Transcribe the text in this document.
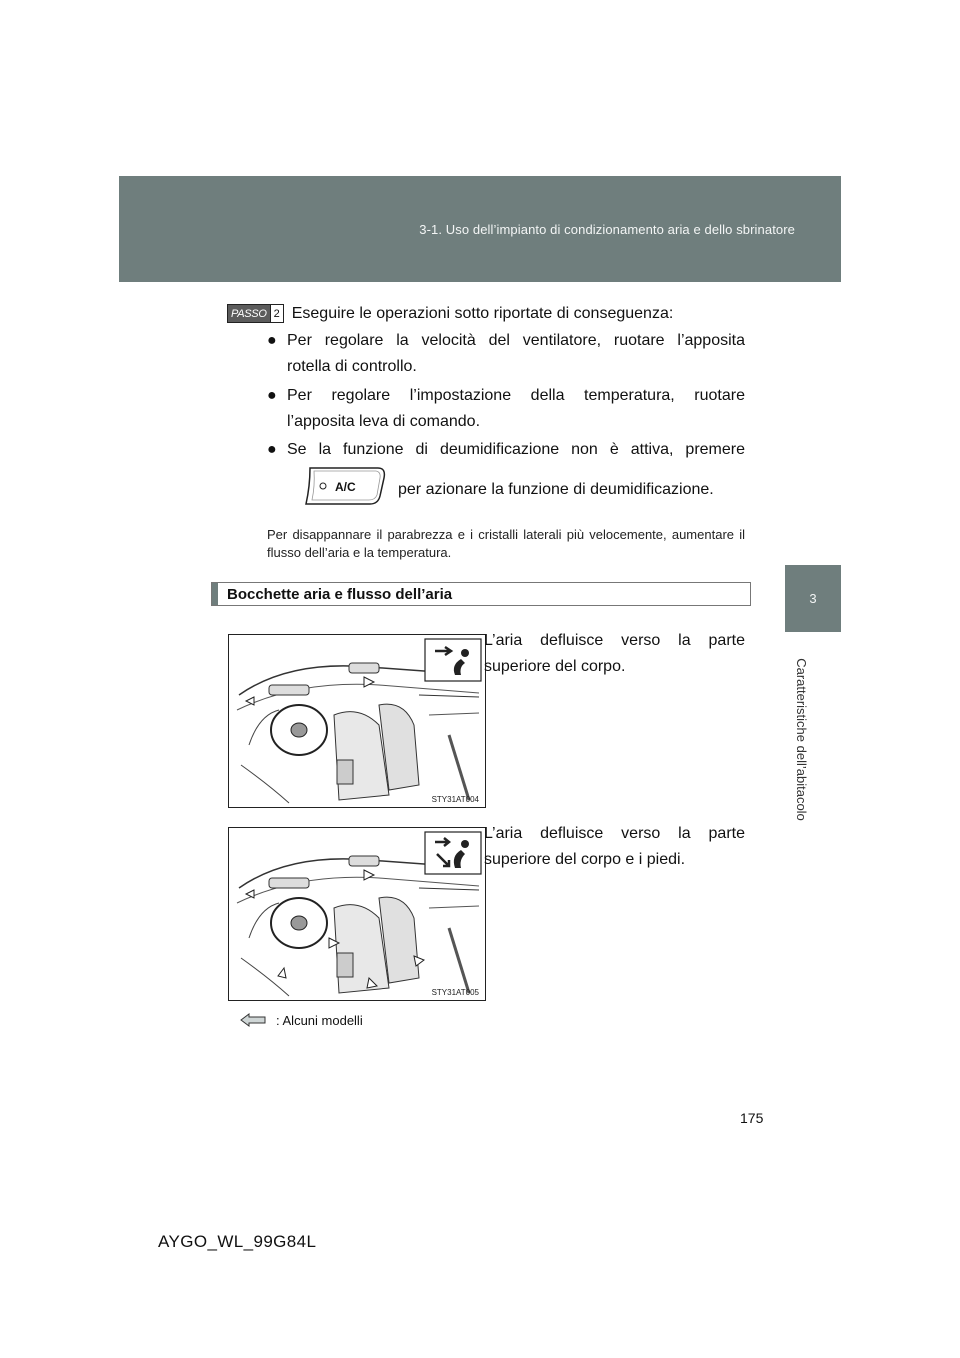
3-1. Uso dell’impianto di condizionamento aria e dello sbrinatore
3
Caratteristiche dell’abitacolo
PASSO 2 Eseguire le operazioni sotto riportate di conseguenza:
● Per regolare la velocità del ventilatore, ruotare l’apposita
rotella di controllo.
● Per regolare l’impostazione della temperatura, ruotare
l’apposita leva di comando.
● Se la funzione di deumidificazione non è attiva, premere
A/C	per azionare la funzione di deumidificazione.
Per disappannare il parabrezza e i cristalli laterali più velocemente, aumentare il flusso dell’aria e la temperatura.
Bocchette aria e flusso dell’aria
STY31AT004
L’aria defluisce verso la parte superiore del corpo.
STY31AT005
L’aria defluisce verso la parte superiore del corpo e i piedi.
: Alcuni modelli
175
AYGO_WL_99G84L
